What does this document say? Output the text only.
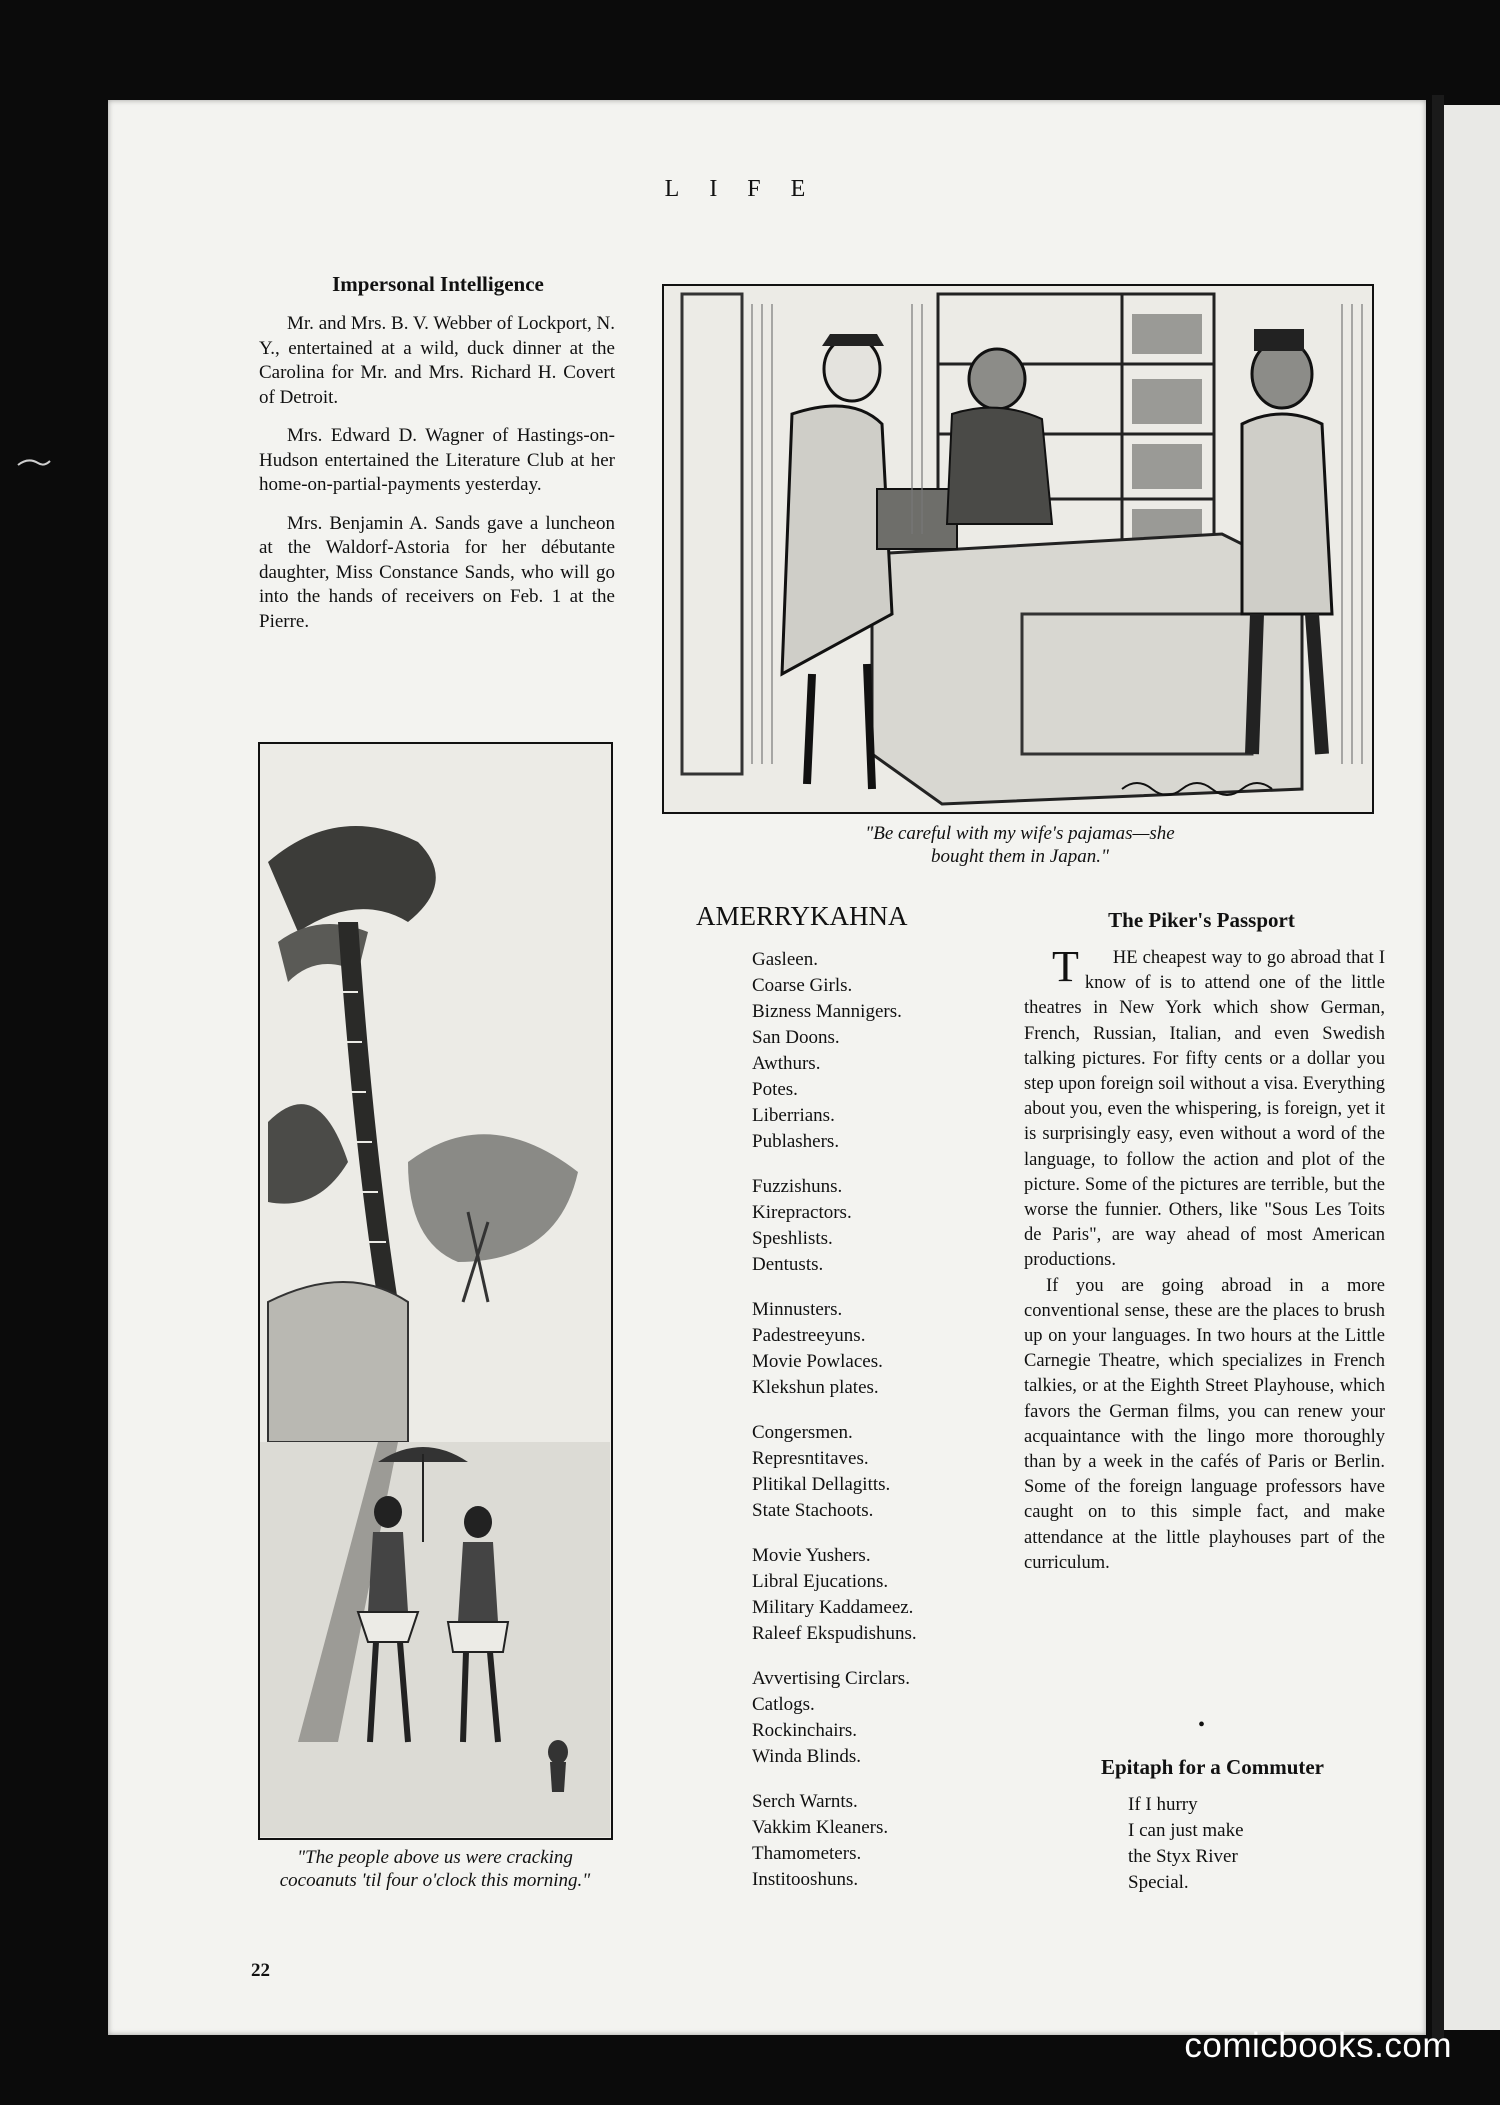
LIFE
Impersonal Intelligence

Mr. and Mrs. B. V. Webber of Lockport, N. Y., entertained at a wild, duck dinner at the Carolina for Mr. and Mrs. Richard H. Covert of Detroit.

Mrs. Edward D. Wagner of Hastings-on-Hudson entertained the Literature Club at her home-on-partial-payments yesterday.

Mrs. Benjamin A. Sands gave a luncheon at the Waldorf-Astoria for her débutante daughter, Miss Constance Sands, who will go into the hands of receivers on Feb. 1 at the Pierre.

"Be careful with my wife's pajamas—she
bought them in Japan."
"The people above us were cracking
cocoanuts 'til four o'clock this morning."
AMERRYKAHNA
Gasleen.
Coarse Girls.
Bizness Mannigers.
San Doons.
Awthurs.
Potes.
Liberrians.
Publashers.
Fuzzishuns.
Kirepractors.
Speshlists.
Dentusts.
Minnusters.
Padestreeyuns.
Movie Powlaces.
Klekshun plates.
Congersmen.
Represntitaves.
Plitikal Dellagitts.
State Stachoots.
Movie Yushers.
Libral Ejucations.
Military Kaddameez.
Raleef Ekspudishuns.
Avvertising Circlars.
Catlogs.
Rockinchairs.
Winda Blinds.
Serch Warnts.
Vakkim Kleaners.
Thamometers.
Institooshuns.
The Piker's Passport

T HE cheapest way to go abroad that I know of is to attend one of the little theatres in New York which show German, French, Russian, Italian, and even Swedish talking pictures. For fifty cents or a dollar you step upon foreign soil without a visa. Everything about you, even the whispering, is foreign, yet it is surprisingly easy, even without a word of the language, to follow the action and plot of the picture. Some of the pictures are terrible, but the worse the funnier. Others, like "Sous Les Toits de Paris", are way ahead of most American productions.

If you are going abroad in a more conventional sense, these are the places to brush up on your languages. In two hours at the Little Carnegie Theatre, which specializes in French talkies, or at the Eighth Street Playhouse, which favors the German films, you can renew your acquaintance with the lingo more thoroughly than by a week in the cafés of Paris or Berlin. Some of the foreign language professors have caught on to this simple fact, and make attendance at the little playhouses part of the curriculum.

•
Epitaph for a Commuter
If I hurry
I can just make
the Styx River
Special.
22
comicbooks.com
